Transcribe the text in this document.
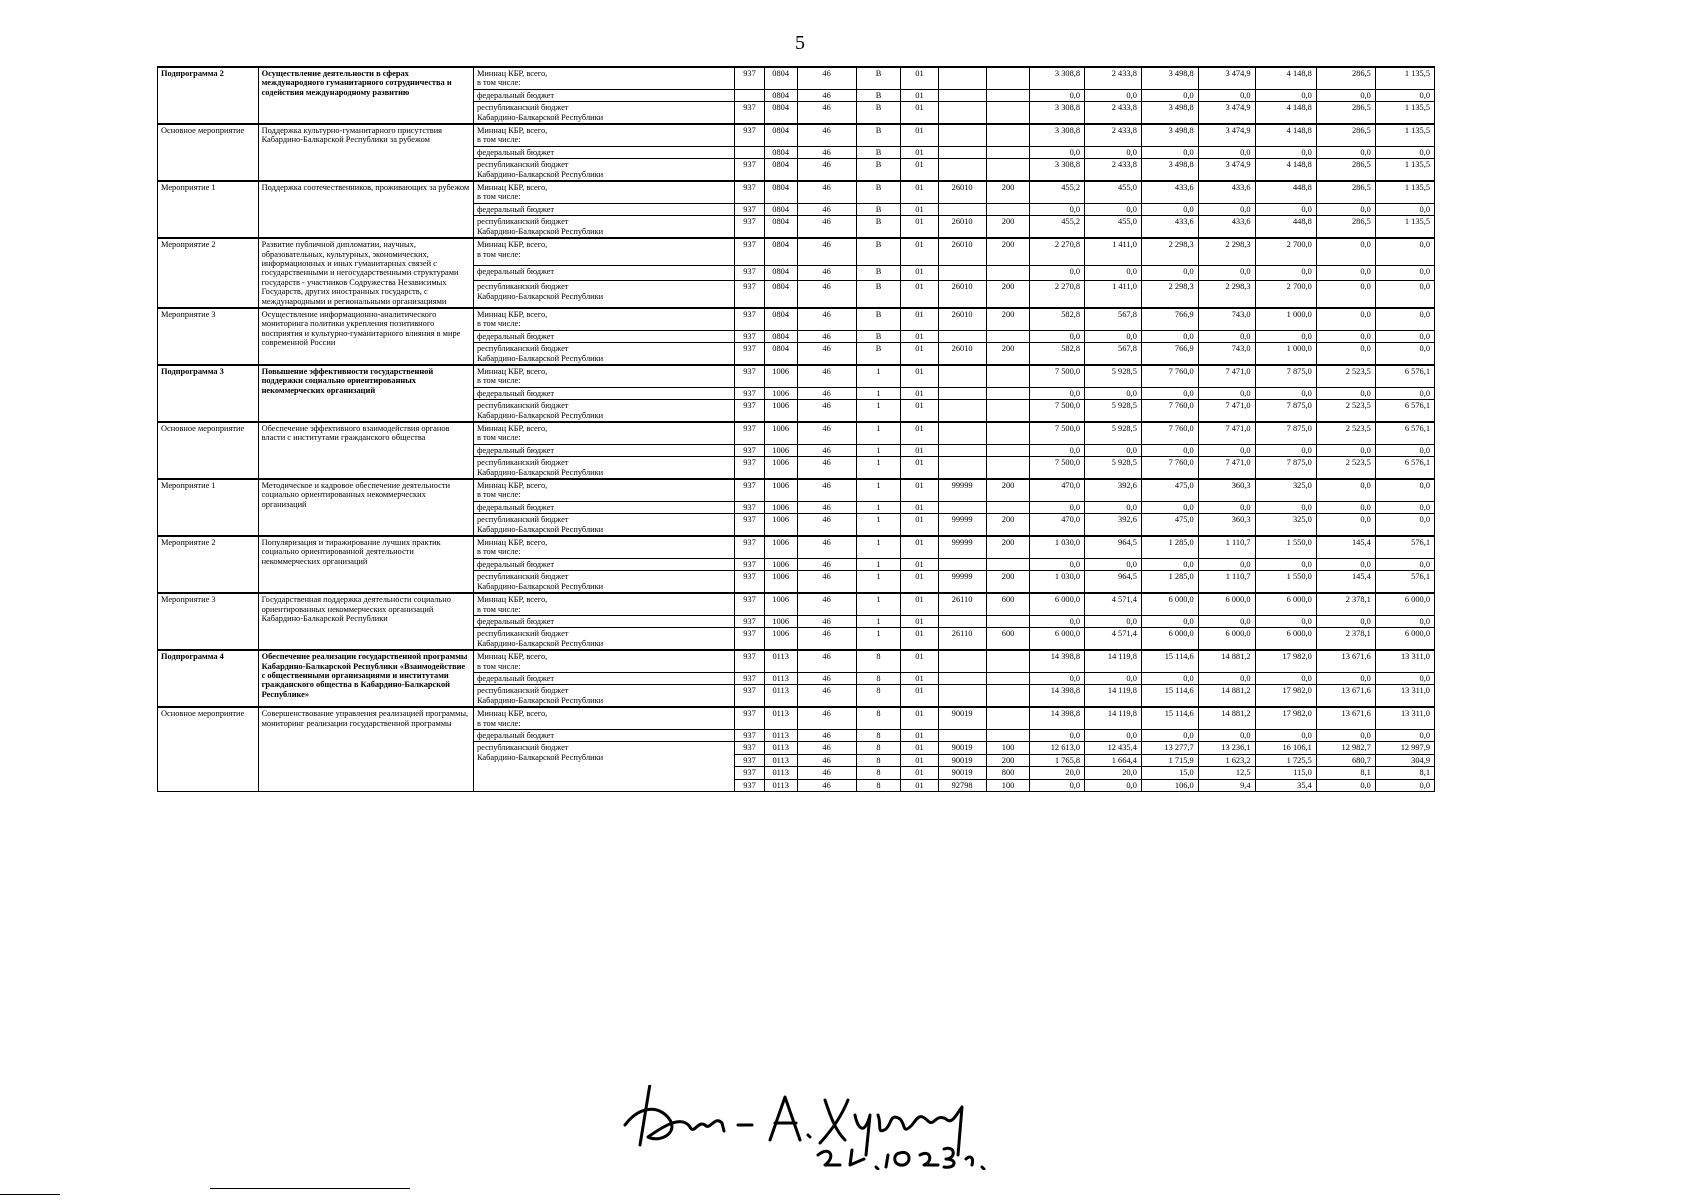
5
Подпрограмма 2	Осуществление деятельности в сферах международного гуманитарного сотрудничества и содействия международному развитию	Миннац КБР, всего,
в том числе:	937	0804	46	В	01			3 308,8	2 433,8	3 498,8	3 474,9	4 148,8	286,5	1 135,5
		федеральный бюджет		0804	46	В	01			0,0	0,0	0,0	0,0	0,0	0,0	0,0
		республиканский бюджет
Кабардино-Балкарской Республики	937	0804	46	В	01			3 308,8	2 433,8	3 498,8	3 474,9	4 148,8	286,5	1 135,5
Основное мероприятие	Поддержка культурно-гуманитарного присутствия Кабардино-Балкарской Республики за рубежом	Миннац КБР, всего,
в том числе:	937	0804	46	В	01			3 308,8	2 433,8	3 498,8	3 474,9	4 148,8	286,5	1 135,5
		федеральный бюджет		0804	46	В	01			0,0	0,0	0,0	0,0	0,0	0,0	0,0
		республиканский бюджет
Кабардино-Балкарской Республики	937	0804	46	В	01			3 308,8	2 433,8	3 498,8	3 474,9	4 148,8	286,5	1 135,5
Мероприятие 1	Поддержка соотечественников, проживающих за рубежом	Миннац КБР, всего,
в том числе:	937	0804	46	В	01	26010	200	455,2	455,0	433,6	433,6	448,8	286,5	1 135,5
		федеральный бюджет	937	0804	46	В	01			0,0	0,0	0,0	0,0	0,0	0,0	0,0
		республиканский бюджет
Кабардино-Балкарской Республики	937	0804	46	В	01	26010	200	455,2	455,0	433,6	433,6	448,8	286,5	1 135,5
Мероприятие 2	Развитие публичной дипломатии, научных, образовательных, культурных, экономических, информационных и иных гуманитарных связей с государственными и негосударственными структурами государств - участников Содружества Независимых Государств, других иностранных государств, с международными и региональными организациями	Миннац КБР, всего,
в том числе:	937	0804	46	В	01	26010	200	2 270,8	1 411,0	2 298,3	2 298,3	2 700,0	0,0	0,0
		федеральный бюджет	937	0804	46	В	01			0,0	0,0	0,0	0,0	0,0	0,0	0,0
		республиканский бюджет
Кабардино-Балкарской Республики	937	0804	46	В	01	26010	200	2 270,8	1 411,0	2 298,3	2 298,3	2 700,0	0,0	0,0
Мероприятие 3	Осуществление информационно-аналитического мониторинга политики укрепления позитивного восприятия и культурно-гуманитарного влияния в мире современной России	Миннац КБР, всего,
в том числе:	937	0804	46	В	01	26010	200	582,8	567,8	766,9	743,0	1 000,0	0,0	0,0
		федеральный бюджет	937	0804	46	В	01			0,0	0,0	0,0	0,0	0,0	0,0	0,0
		республиканский бюджет
Кабардино-Балкарской Республики	937	0804	46	В	01	26010	200	582,8	567,8	766,9	743,0	1 000,0	0,0	0,0
Подпрограмма 3	Повышение эффективности государственной поддержки социально ориентированных некоммерческих организаций	Миннац КБР, всего,
в том числе:	937	1006	46	1	01			7 500,0	5 928,5	7 760,0	7 471,0	7 875,0	2 523,5	6 576,1
		федеральный бюджет	937	1006	46	1	01			0,0	0,0	0,0	0,0	0,0	0,0	0,0
		республиканский бюджет
Кабардино-Балкарской Республики	937	1006	46	1	01			7 500,0	5 928,5	7 760,0	7 471,0	7 875,0	2 523,5	6 576,1
Основное мероприятие	Обеспечение эффективного взаимодействия органов власти с институтами гражданского общества	Миннац КБР, всего,
в том числе:	937	1006	46	1	01			7 500,0	5 928,5	7 760,0	7 471,0	7 875,0	2 523,5	6 576,1
		федеральный бюджет	937	1006	46	1	01			0,0	0,0	0,0	0,0	0,0	0,0	0,0
		республиканский бюджет
Кабардино-Балкарской Республики	937	1006	46	1	01			7 500,0	5 928,5	7 760,0	7 471,0	7 875,0	2 523,5	6 576,1
Мероприятие 1	Методическое и кадровое обеспечение деятельности социально ориентированных некоммерческих организаций	Миннац КБР, всего,
в том числе:	937	1006	46	1	01	99999	200	470,0	392,6	475,0	360,3	325,0	0,0	0,0
		федеральный бюджет	937	1006	46	1	01			0,0	0,0	0,0	0,0	0,0	0,0	0,0
		республиканский бюджет
Кабардино-Балкарской Республики	937	1006	46	1	01	99999	200	470,0	392,6	475,0	360,3	325,0	0,0	0,0
Мероприятие 2	Популяризация и тиражирование лучших практик социально ориентированной деятельности некоммерческих организаций	Миннац КБР, всего,
в том числе:	937	1006	46	1	01	99999	200	1 030,0	964,5	1 285,0	1 110,7	1 550,0	145,4	576,1
		федеральный бюджет	937	1006	46	1	01			0,0	0,0	0,0	0,0	0,0	0,0	0,0
		республиканский бюджет
Кабардино-Балкарской Республики	937	1006	46	1	01	99999	200	1 030,0	964,5	1 285,0	1 110,7	1 550,0	145,4	576,1
Мероприятие 3	Государственная поддержка деятельности социально ориентированных некоммерческих организаций Кабардино-Балкарской Республики	Миннац КБР, всего,
в том числе:	937	1006	46	1	01	26110	600	6 000,0	4 571,4	6 000,0	6 000,0	6 000,0	2 378,1	6 000,0
		федеральный бюджет	937	1006	46	1	01			0,0	0,0	0,0	0,0	0,0	0,0	0,0
		республиканский бюджет
Кабардино-Балкарской Республики	937	1006	46	1	01	26110	600	6 000,0	4 571,4	6 000,0	6 000,0	6 000,0	2 378,1	6 000,0
Подпрограмма 4	Обеспечение реализации государственной программы Кабардино-Балкарской Республики «Взаимодействие с общественными организациями и институтами гражданского общества в Кабардино-Балкарской Республике»	Миннац КБР, всего,
в том числе:	937	0113	46	8	01			14 398,8	14 119,8	15 114,6	14 881,2	17 982,0	13 671,6	13 311,0
		федеральный бюджет	937	0113	46	8	01			0,0	0,0	0,0	0,0	0,0	0,0	0,0
		республиканский бюджет
Кабардино-Балкарской Республики	937	0113	46	8	01			14 398,8	14 119,8	15 114,6	14 881,2	17 982,0	13 671,6	13 311,0
Основное мероприятие	Совершенствование управления реализацией программы, мониторинг реализации государственной программы	Миннац КБР, всего,
в том числе:	937	0113	46	8	01	90019		14 398,8	14 119,8	15 114,6	14 881,2	17 982,0	13 671,6	13 311,0
		федеральный бюджет	937	0113	46	8	01			0,0	0,0	0,0	0,0	0,0	0,0	0,0
		республиканский бюджет
Кабардино-Балкарской Республики	937	0113	46	8	01	90019	100	12 613,0	12 435,4	13 277,7	13 236,1	16 106,1	12 982,7	12 997,9
			937	0113	46	8	01	90019	200	1 765,8	1 664,4	1 715,9	1 623,2	1 725,5	680,7	304,9
			937	0113	46	8	01	90019	800	20,0	20,0	15,0	12,5	115,0	8,1	8,1
			937	0113	46	8	01	92798	100	0,0	0,0	106,0	9,4	35,4	0,0	0,0
